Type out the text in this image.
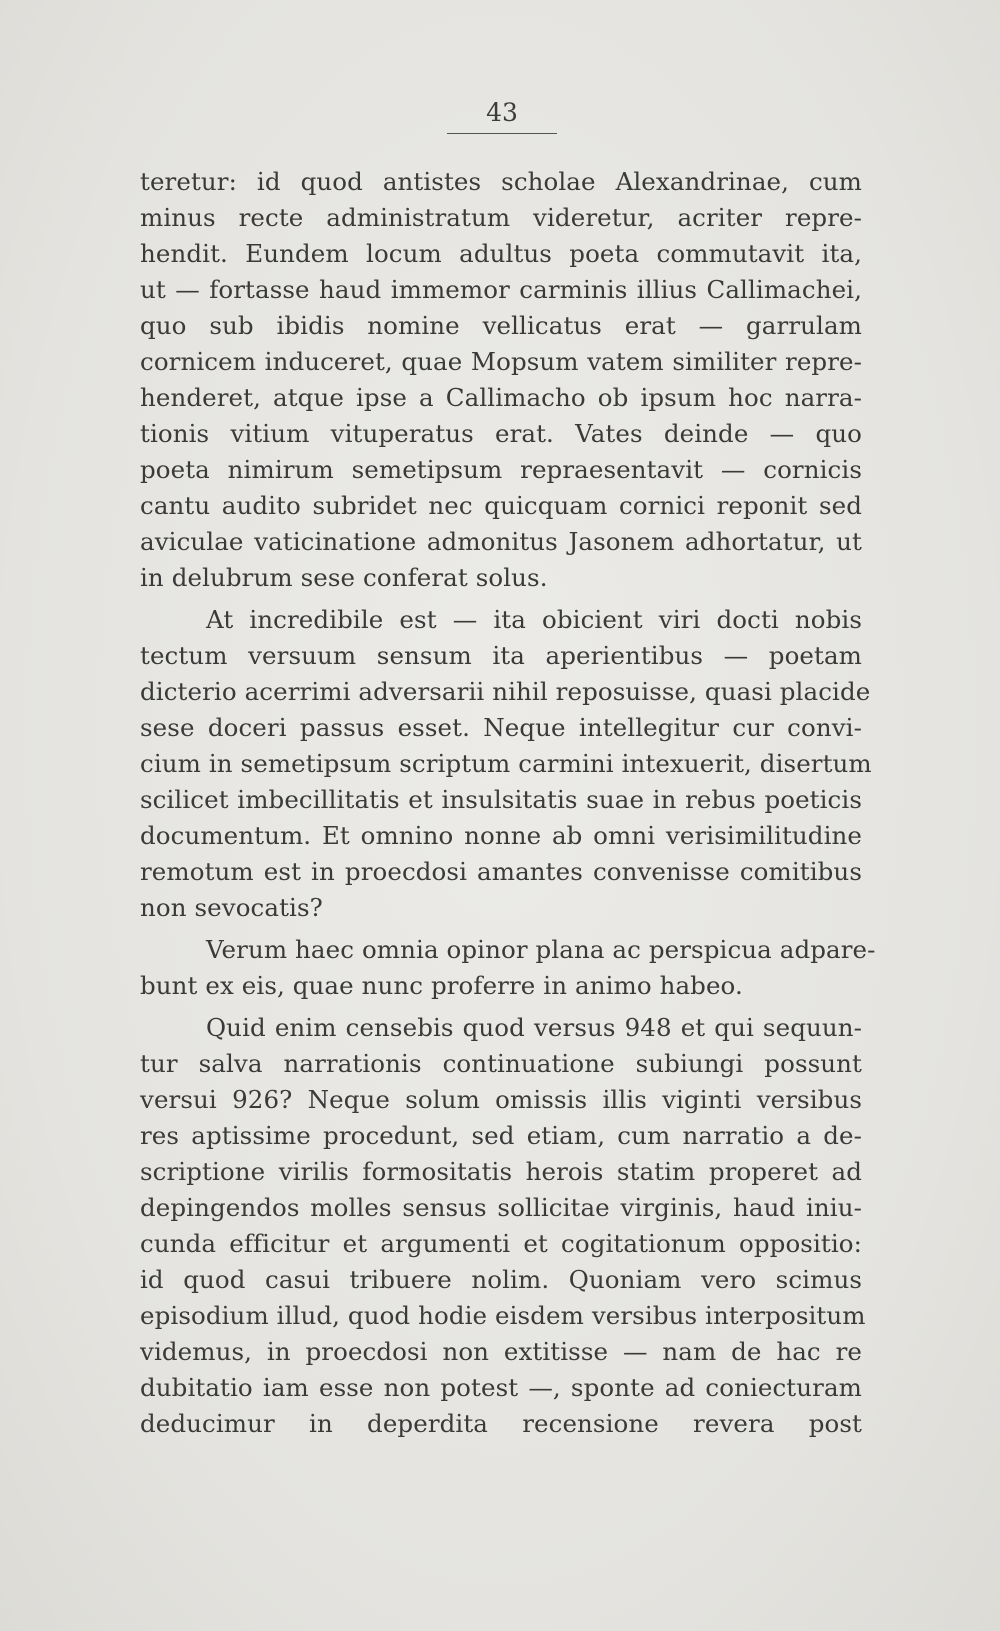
43
teretur: id quod antistes scholae Alexandrinae, cum
minus recte administratum videretur, acriter repre-
hendit. Eundem locum adultus poeta commutavit ita,
ut — fortasse haud immemor carminis illius Callimachei,
quo sub ibidis nomine vellicatus erat — garrulam
cornicem induceret, quae Mopsum vatem similiter repre-
henderet, atque ipse a Callimacho ob ipsum hoc narra-
tionis vitium vituperatus erat. Vates deinde — quo
poeta nimirum semetipsum repraesentavit — cornicis
cantu audito subridet nec quicquam cornici reponit sed
aviculae vaticinatione admonitus Jasonem adhortatur, ut
in delubrum sese conferat solus.
At incredibile est — ita obicient viri docti nobis
tectum versuum sensum ita aperientibus — poetam
dicterio acerrimi adversarii nihil reposuisse, quasi placide
sese doceri passus esset. Neque intellegitur cur convi-
cium in semetipsum scriptum carmini intexuerit, disertum
scilicet imbecillitatis et insulsitatis suae in rebus poeticis
documentum. Et omnino nonne ab omni verisimilitudine
remotum est in proecdosi amantes convenisse comitibus
non sevocatis?
Verum haec omnia opinor plana ac perspicua adpare-
bunt ex eis, quae nunc proferre in animo habeo.
Quid enim censebis quod versus 948 et qui sequun-
tur salva narrationis continuatione subiungi possunt
versui 926? Neque solum omissis illis viginti versibus
res aptissime procedunt, sed etiam, cum narratio a de-
scriptione virilis formositatis herois statim properet ad
depingendos molles sensus sollicitae virginis, haud iniu-
cunda efficitur et argumenti et cogitationum oppositio:
id quod casui tribuere nolim. Quoniam vero scimus
episodium illud, quod hodie eisdem versibus interpositum
videmus, in proecdosi non extitisse — nam de hac re
dubitatio iam esse non potest —, sponte ad coniecturam
deducimur in deperdita recensione revera post
